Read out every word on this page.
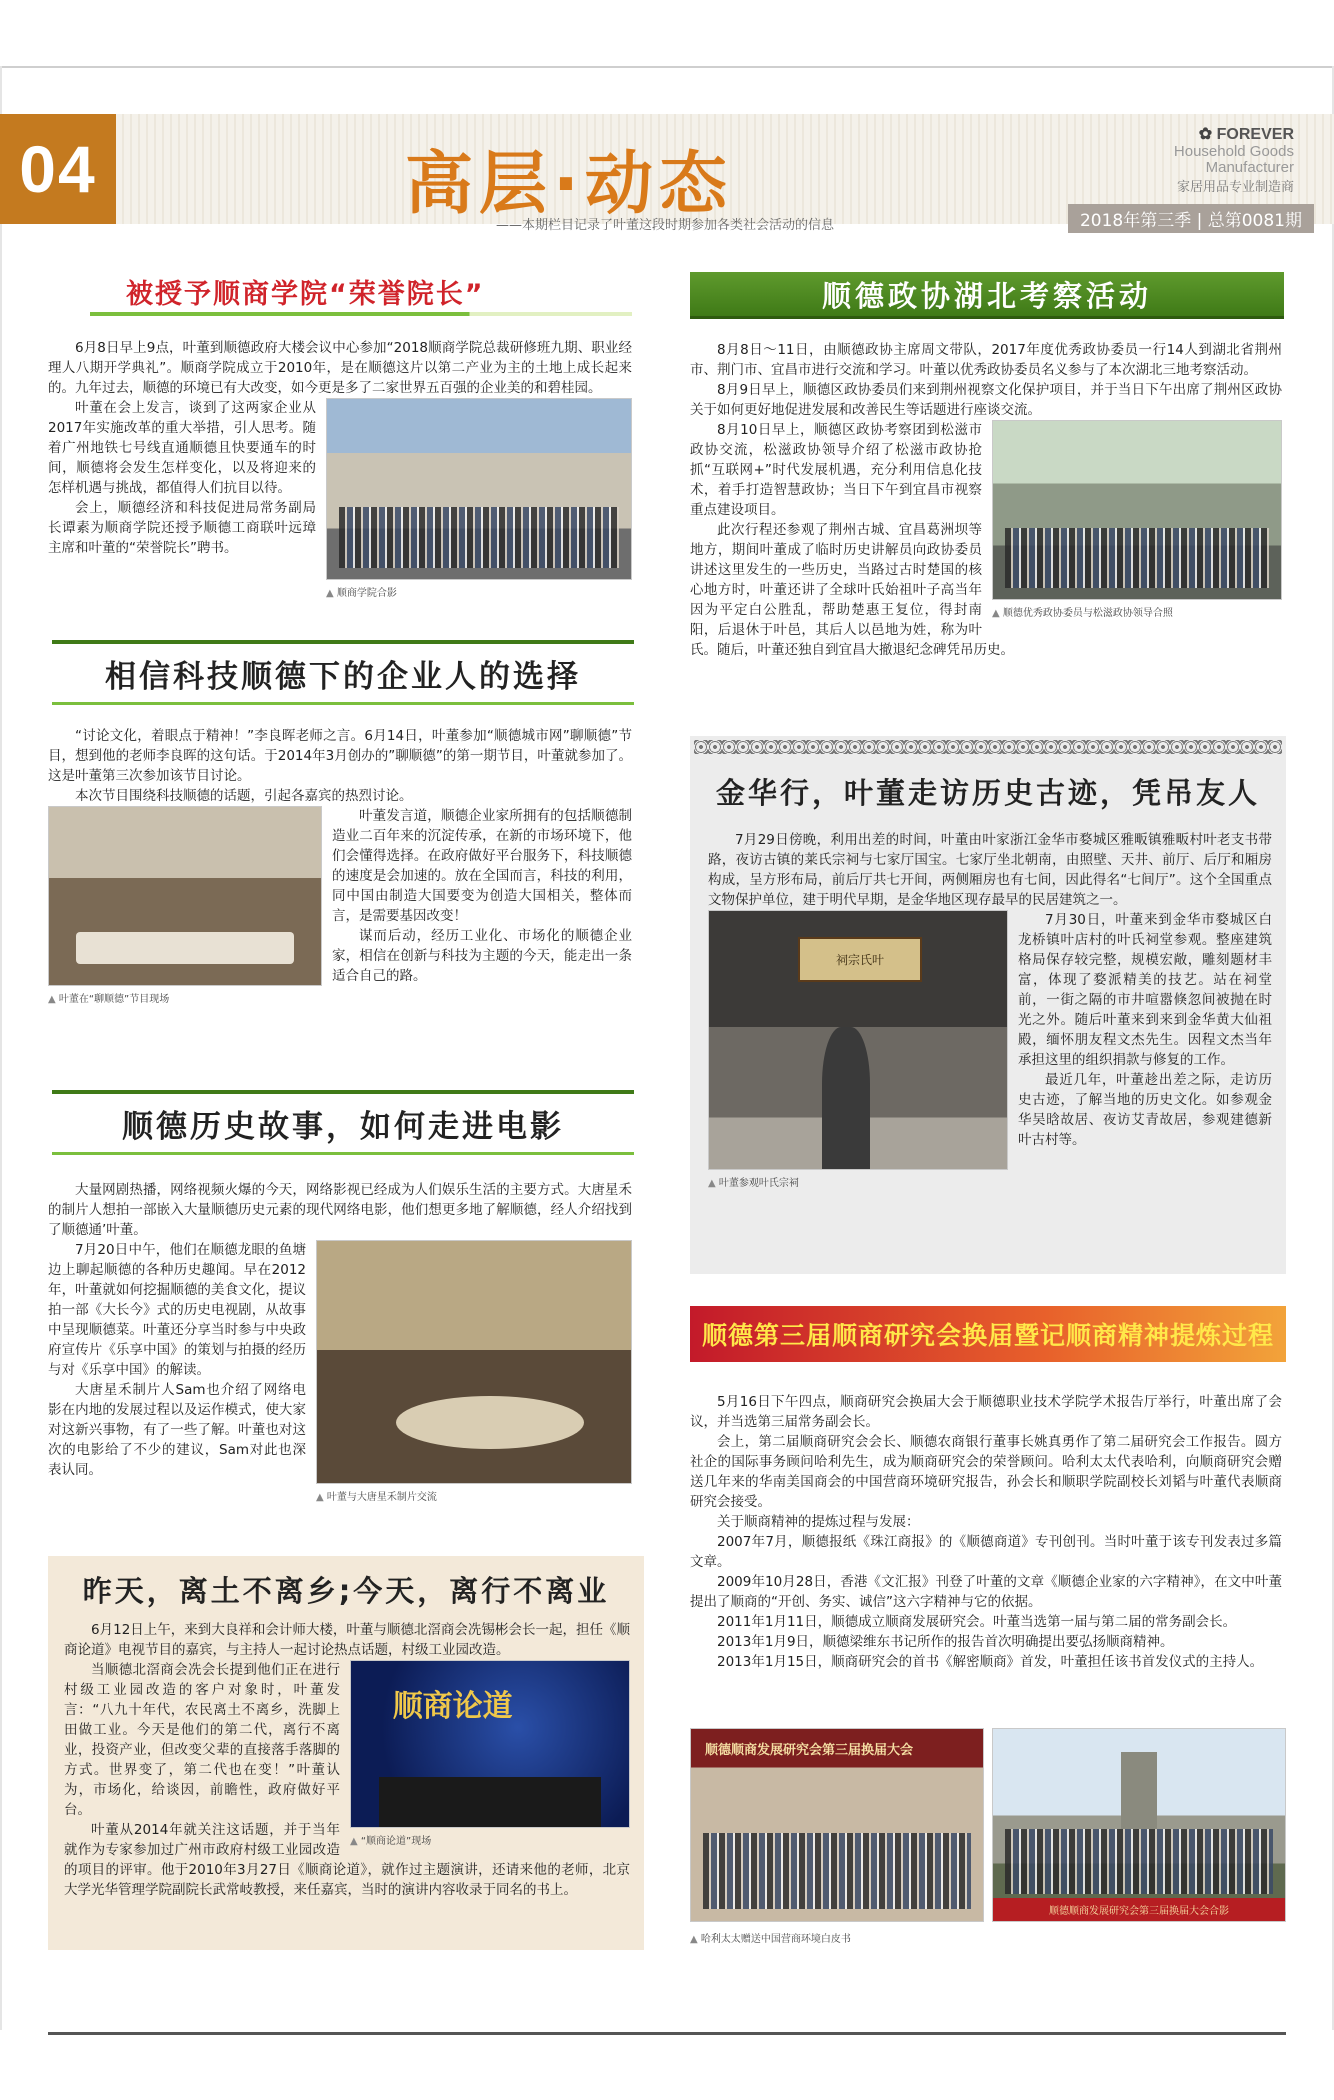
04	高层·动态
——本期栏目记录了叶董这段时期参加各类社会活动的信息
✿ FOREVER
Household Goods
Manufacturer
家居用品专业制造商
2018年第三季 | 总第0081期
被授予顺商学院“荣誉院长”

6月8日早上9点，叶董到顺德政府大楼会议中心参加“2018顺商学院总裁研修班九期、职业经理人八期开学典礼”。顺商学院成立于2010年，是在顺德这片以第二产业为主的土地上成长起来的。九年过去，顺德的环境已有大改变，如今更是多了二家世界五百强的企业美的和碧桂园。

▲ 顺商学院合影

叶董在会上发言，谈到了这两家企业从2017年实施改革的重大举措，引人思考。随着广州地铁七号线直通顺德且快要通车的时间，顺德将会发生怎样变化，以及将迎来的怎样机遇与挑战，都值得人们抗目以待。

会上，顺德经济和科技促进局常务副局长谭素为顺商学院还授予顺德工商联叶远璋主席和叶董的“荣誉院长”聘书。

顺德政协湖北考察活动

8月8日～11日，由顺德政协主席周文带队，2017年度优秀政协委员一行14人到湖北省荆州市、荆门市、宜昌市进行交流和学习。叶董以优秀政协委员名义参与了本次湖北三地考察活动。

8月9日早上，顺德区政协委员们来到荆州视察文化保护项目，并于当日下午出席了荆州区政协关于如何更好地促进发展和改善民生等话题进行座谈交流。

▲ 顺德优秀政协委员与松滋政协领导合照

8月10日早上，顺德区政协考察团到松滋市政协交流，松滋政协领导介绍了松滋市政协抢抓“互联网+”时代发展机遇，充分利用信息化技术，着手打造智慧政协；当日下午到宜昌市视察重点建设项目。

此次行程还参观了荆州古城、宜昌葛洲坝等地方，期间叶董成了临时历史讲解员向政协委员讲述这里发生的一些历史，当路过古时楚国的核心地方时，叶董还讲了全球叶氏始祖叶子高当年因为平定白公胜乱，帮助楚惠王复位，得封南阳，后退休于叶邑，其后人以邑地为姓，称为叶氏。随后，叶董还独自到宜昌大撤退纪念碑凭吊历史。

相信科技顺德下的企业人的选择

“讨论文化，着眼点于精神！”李良晖老师之言。6月14日，叶董参加“顺德城市网”聊顺德”节目，想到他的老师李良晖的这句话。于2014年3月创办的”聊顺德”的第一期节目，叶董就参加了。这是叶董第三次参加该节目讨论。

本次节目围绕科技顺德的话题，引起各嘉宾的热烈讨论。

▲ 叶董在“聊顺德”节目现场

叶董发言道，顺德企业家所拥有的包括顺德制造业二百年来的沉淀传承，在新的市场环境下，他们会懂得选择。在政府做好平台服务下，科技顺德的速度是会加速的。放在全国而言，科技的利用，同中国由制造大国要变为创造大国相关，整体而言，是需要基因改变！

谋而后动，经历工业化、市场化的顺德企业家，相信在创新与科技为主题的今天，能走出一条适合自己的路。

金华行，叶董走访历史古迹，凭吊友人

7月29日傍晚，利用出差的时间，叶董由叶家浙江金华市婺城区雅畈镇雅畈村叶老支书带路，夜访古镇的莱氏宗祠与七家厅国宝。七家厅坐北朝南，由照壁、天井、前厅、后厅和厢房构成，呈方形布局，前后厅共七开间，两侧厢房也有七间，因此得名“七间厅”。这个全国重点文物保护单位，建于明代早期，是金华地区现存最早的民居建筑之一。

祠宗氏叶
▲ 叶董参观叶氏宗祠

7月30日，叶董来到金华市婺城区白龙桥镇叶店村的叶氏祠堂参观。整座建筑格局保存较完整，规模宏敞，雕刻题材丰富，体现了婺派精美的技艺。站在祠堂前，一街之隔的市井喧嚣倏忽间被抛在时光之外。随后叶董来到来到金华黄大仙祖殿，缅怀朋友程文杰先生。因程文杰当年承担这里的组织捐款与修复的工作。

最近几年，叶董趁出差之际，走访历史古迹，了解当地的历史文化。如参观金华吴晗故居、夜访艾青故居，参观建德新叶古村等。

顺德历史故事，如何走进电影

大量网剧热播，网络视频火爆的今天，网络影视已经成为人们娱乐生活的主要方式。大唐星禾的制片人想拍一部嵌入大量顺德历史元素的现代网络电影，他们想更多地了解顺德，经人介绍找到了顺德通’叶董。

▲ 叶董与大唐星禾制片交流

7月20日中午，他们在顺德龙眼的鱼塘边上聊起顺德的各种历史趣闻。早在2012年，叶董就如何挖掘顺德的美食文化，提议拍一部《大长今》式的历史电视剧，从故事中呈现顺德菜。叶董还分享当时参与中央政府宣传片《乐享中国》的策划与拍摄的经历与对《乐享中国》的解读。

大唐星禾制片人Sam也介绍了网络电影在内地的发展过程以及运作模式，使大家对这新兴事物，有了一些了解。叶董也对这次的电影给了不少的建议，Sam对此也深表认同。

顺德第三届顺商研究会换届暨记顺商精神提炼过程

5月16日下午四点，顺商研究会换届大会于顺德职业技术学院学术报告厅举行，叶董出席了会议，并当选第三届常务副会长。

会上，第二届顺商研究会会长、顺德农商银行董事长姚真勇作了第二届研究会工作报告。圆方社企的国际事务顾问哈利先生，成为顺商研究会的荣誉顾问。哈利太太代表哈利，向顺商研究会赠送几年来的华南美国商会的中国营商环境研究报告，孙会长和顺职学院副校长刘韬与叶董代表顺商研究会接受。

关于顺商精神的提炼过程与发展：

2007年7月，顺德报纸《珠江商报》的《顺德商道》专刊创刊。当时叶董于该专刊发表过多篇文章。

2009年10月28日，香港《文汇报》刊登了叶董的文章《顺德企业家的六字精神》，在文中叶董提出了顺商的“开创、务实、诚信”这六字精神与它的依据。

2011年1月11日，顺德成立顺商发展研究会。叶董当选第一届与第二届的常务副会长。

2013年1月9日，顺德梁维东书记所作的报告首次明确提出要弘扬顺商精神。

2013年1月15日，顺商研究会的首书《解密顺商》首发，叶董担任该书首发仪式的主持人。

顺德顺商发展研究会第三届换届大会
顺德顺商发展研究会第三届换届大会合影
▲ 哈利太太赠送中国营商环境白皮书
昨天，离土不离乡;今天，离行不离业

6月12日上午，来到大良祥和会计师大楼，叶董与顺德北滘商会冼锡彬会长一起，担任《顺商论道》电视节目的嘉宾，与主持人一起讨论热点话题，村级工业园改造。

顺商论道
▲ “顺商论道”现场

当顺德北滘商会冼会长提到他们正在进行村级工业园改造的客户对象时，叶董发言：“八九十年代，农民离土不离乡，洗脚上田做工业。今天是他们的第二代，离行不离业，投资产业，但改变父辈的直接落手落脚的方式。世界变了，第二代也在变！”叶董认为，市场化，给谈因，前瞻性，政府做好平台。

叶董从2014年就关注这话题，并于当年就作为专家参加过广州市政府村级工业园改造的项目的评审。他于2010年3月27日《顺商论道》，就作过主题演讲，还请来他的老师，北京大学光华管理学院副院长武常岐教授，来任嘉宾，当时的演讲内容收录于同名的书上。
